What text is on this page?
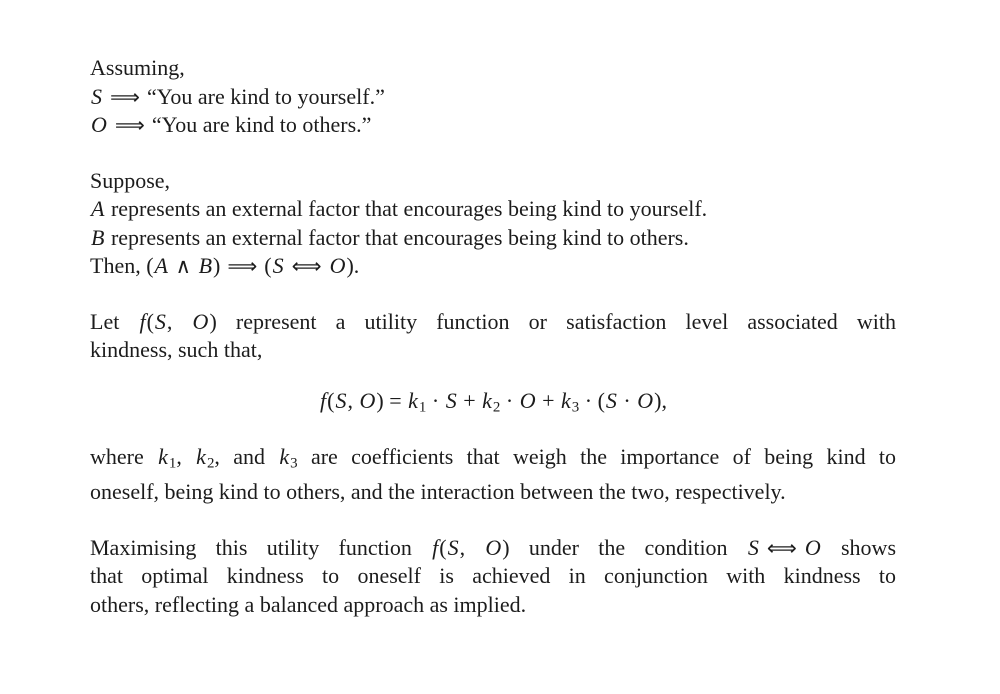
Assuming,
S ⟹ “You are kind to yourself.”
O ⟹ “You are kind to others.”
Suppose,
A represents an external factor that encourages being kind to yourself.
B represents an external factor that encourages being kind to others.
Then, (A ∧ B) ⟹ (S ⟺ O).
Let f(S, O) represent a utility function or satisfaction level associated with
kindness, such that,
f(S, $O) = k_1 \cdot S + k_2 \cdot O + k_3 \cdot (S \cdot O)$,
where $k_1$, $k_2$, and $k_3$ are coefficients that weigh the importance of being kind to
oneself, being kind to others, and the interaction between the two, respectively.
Maximising this utility function f(S, O) under the condition S ⟺ O shows
that optimal kindness to oneself is achieved in conjunction with kindness to
others, reflecting a balanced approach as implied.
